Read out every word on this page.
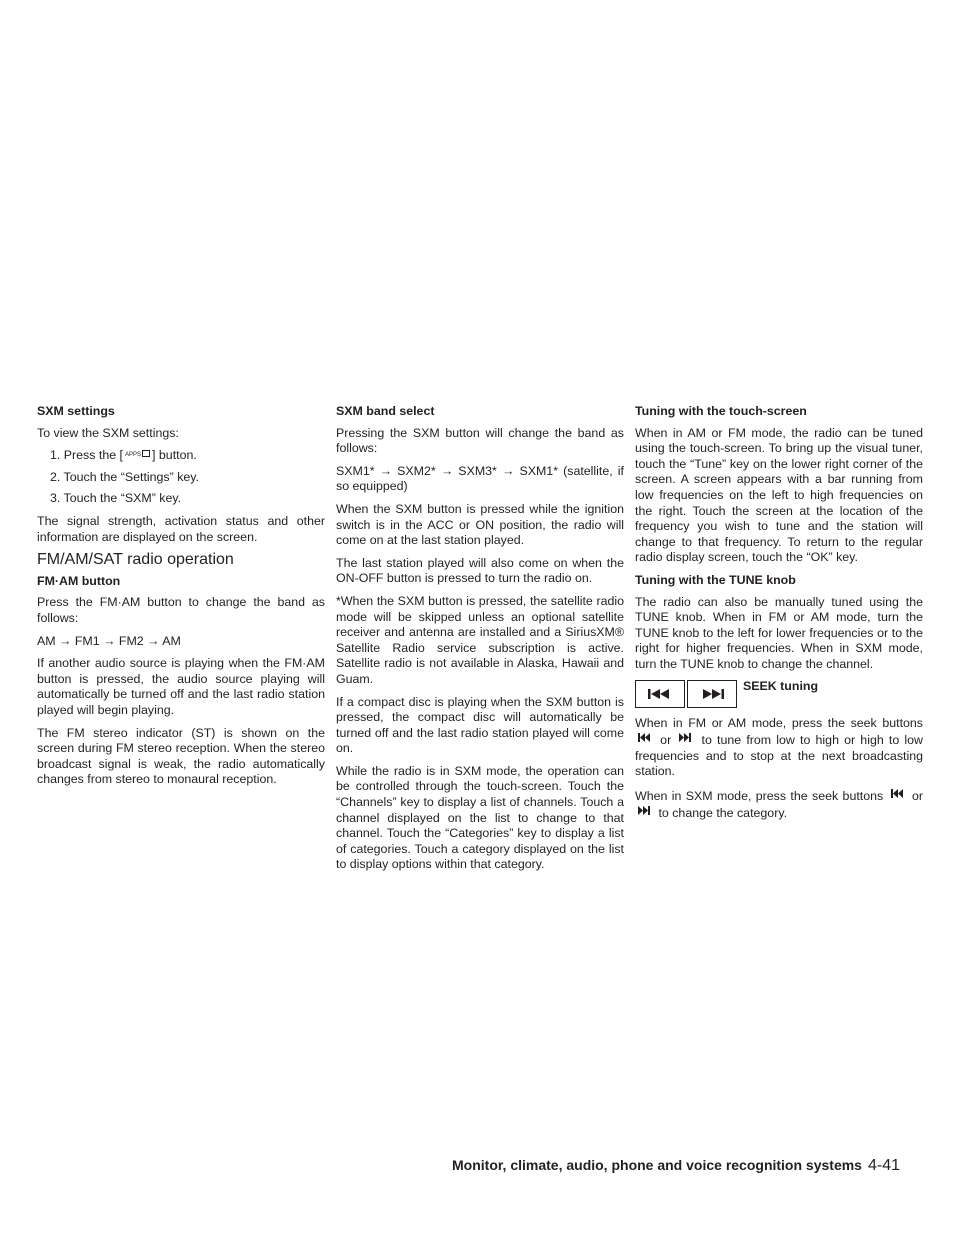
SXM settings

To view the SXM settings:

1. Press the [ APPS ] button.
2. Touch the “Settings” key.
3. Touch the “SXM” key.

The signal strength, activation status and other information are displayed on the screen.

FM/AM/SAT radio operation
FM·AM button

Press the FM·AM button to change the band as follows:

AM → FM1 → FM2 → AM

If another audio source is playing when the FM·AM button is pressed, the audio source playing will automatically be turned off and the last radio station played will begin playing.

The FM stereo indicator (ST) is shown on the screen during FM stereo reception. When the stereo broadcast signal is weak, the radio automatically changes from stereo to monaural reception.

SXM band select

Pressing the SXM button will change the band as follows:

SXM1* → SXM2* → SXM3* → SXM1* (satellite, if so equipped)

When the SXM button is pressed while the ignition switch is in the ACC or ON position, the radio will come on at the last station played.

The last station played will also come on when the ON-OFF button is pressed to turn the radio on.

*When the SXM button is pressed, the satellite radio mode will be skipped unless an optional satellite receiver and antenna are installed and a SiriusXM® Satellite Radio service subscription is active. Satellite radio is not available in Alaska, Hawaii and Guam.

If a compact disc is playing when the SXM button is pressed, the compact disc will automatically be turned off and the last radio station played will come on.

While the radio is in SXM mode, the operation can be controlled through the touch-screen. Touch the “Channels” key to display a list of channels. Touch a channel displayed on the list to change to that channel. Touch the “Categories” key to display a list of categories. Touch a category displayed on the list to display options within that category.

Tuning with the touch-screen

When in AM or FM mode, the radio can be tuned using the touch-screen. To bring up the visual tuner, touch the “Tune” key on the lower right corner of the screen. A screen appears with a bar running from low frequencies on the left to high frequencies on the right. Touch the screen at the location of the frequency you wish to tune and the station will change to that frequency. To return to the regular radio display screen, touch the “OK” key.

Tuning with the TUNE knob

The radio can also be manually tuned using the TUNE knob. When in FM or AM mode, turn the TUNE knob to the left for lower frequencies or to the right for higher frequencies. When in SXM mode, turn the TUNE knob to change the channel.

SEEK tuning

When in FM or AM mode, press the seek buttons  or to tune from low to high or high to low frequencies and to stop at the next broadcasting station.

When in SXM mode, press the seek buttons or  to change the category.

Monitor, climate, audio, phone and voice recognition systems 4-41
